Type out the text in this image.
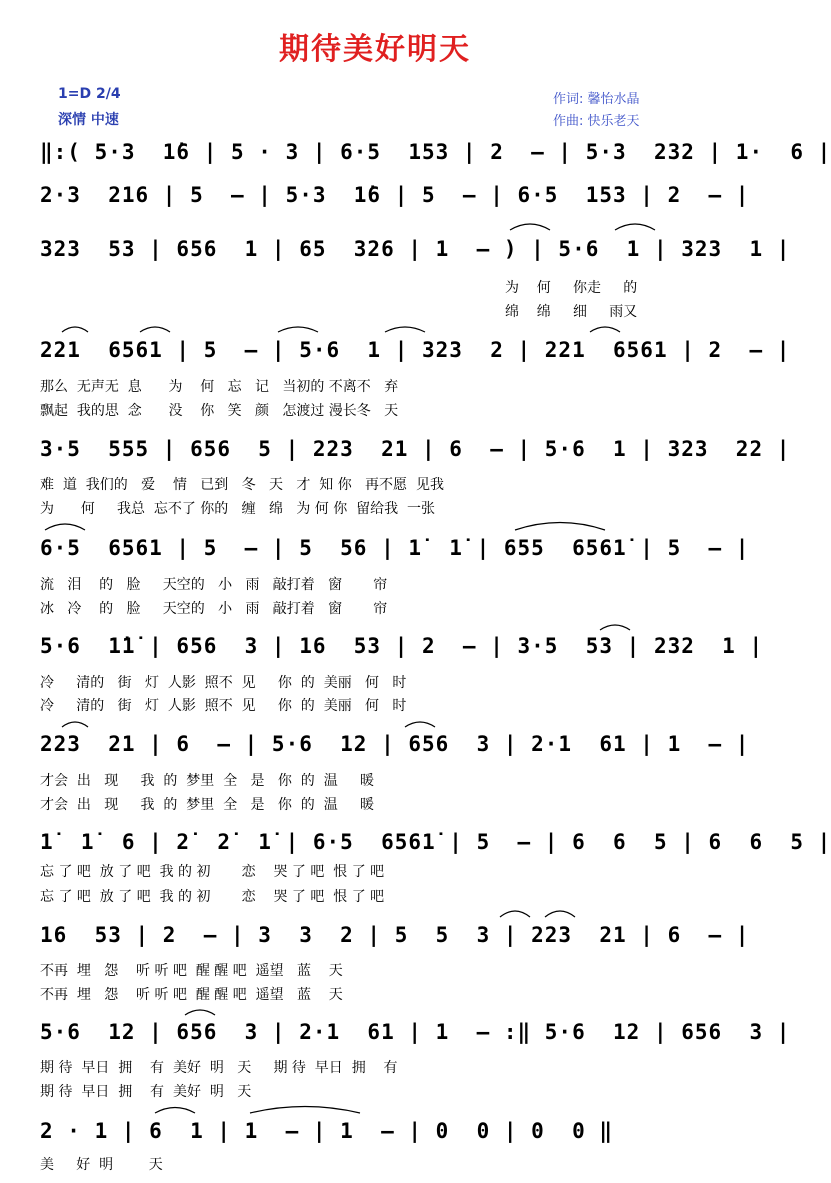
期待美好明天
1=D 2/4
深情 中速
作词: 馨怡水晶
作曲: 快乐老天
‖:( 5·3  1̇6 | 5 · 3 | 6·5  153 | 2  – | 5·3  232 | 1·  6 |
2·3  216 | 5  – | 5·3  1̇6 | 5  – | 6·5  153 | 2  – |
323  53 | 656  1 | 65  326 | 1  – ) | 5·6  1 | 323  1 |
为    何     你走     的
绵    绵     细     雨又
221  6561 | 5  – | 5·6  1 | 323  2 | 221  6561 | 2  – |
那么  无声无  息      为    何   忘   记   当初的 不离不   弃
飘起  我的思  念      没    你   笑   颜   怎渡过 漫长冬   天
3·5  555 | 656  5 | 223  21 | 6  – | 5·6  1 | 323  22 |
难  道  我们的   爱    情   已到   冬   天   才  知 你   再不愿  见我
为      何     我总  忘不了 你的   缠   绵   为 何 你  留给我  一张
6·5  6561 | 5  – | 5  56 | 1̇  1̇ | 655  6561̇ | 5  – |
流   泪    的   脸     天空的   小   雨   敲打着   窗       帘
冰   冷    的   脸     天空的   小   雨   敲打着   窗       帘
5·6  1̇1̇ | 656  3 | 16  53 | 2  – | 3·5  53 | 232  1 |
冷     清的   街   灯  人影  照不  见     你  的  美丽   何   时
冷     清的   街   灯  人影  照不  见     你  的  美丽   何   时
223  21 | 6  – | 5·6  12 | 656  3 | 2·1  61 | 1  – |
才会  出   现     我  的  梦里  全   是   你  的  温     暖
才会  出   现     我  的  梦里  全   是   你  的  温     暖
1̇  1̇  6 | 2̇  2̇  1̇ | 6·5  6561̇ | 5  – | 6  6  5 | 6  6  5 |
忘 了 吧  放 了 吧  我 的 初       恋    哭 了 吧  恨 了 吧
忘 了 吧  放 了 吧  我 的 初       恋    哭 了 吧  恨 了 吧
16  53 | 2  – | 3  3  2 | 5  5  3 | 223  21 | 6  – |
不再  埋   怨    听 听 吧  醒 醒 吧  遥望   蓝    天
不再  埋   怨    听 听 吧  醒 醒 吧  遥望   蓝    天
5·6  12 | 656  3 | 2·1  61 | 1  – :‖ 5·6  12 | 656  3 |
期 待  早日  拥    有  美好  明   天     期 待  早日  拥    有
期 待  早日  拥    有  美好  明   天
2 · 1 | 6  1 | 1  – | 1  – | 0  0 | 0  0 ‖
美     好  明        天
